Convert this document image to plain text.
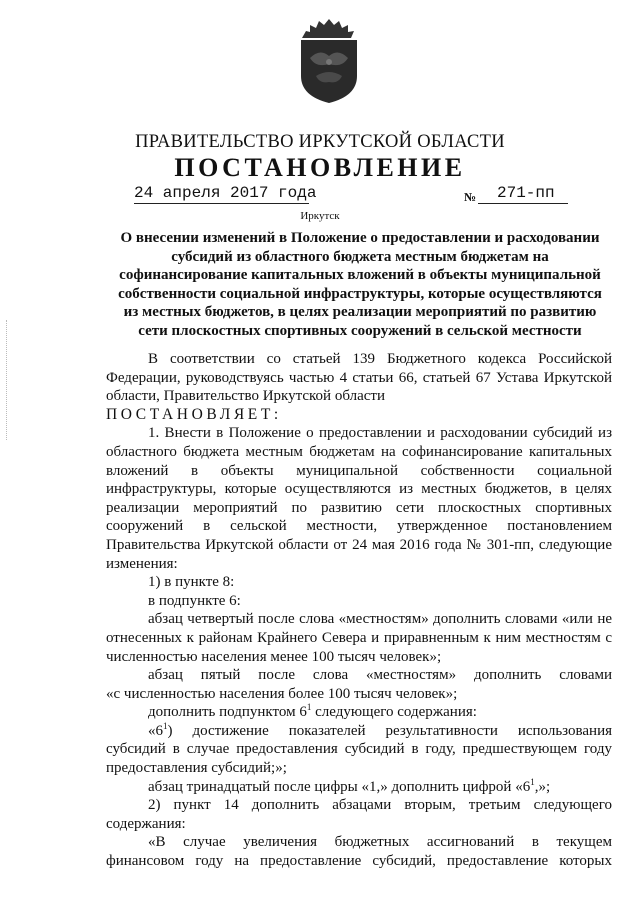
ПРАВИТЕЛЬСТВО ИРКУТСКОЙ ОБЛАСТИ
ПОСТАНОВЛЕНИЕ
24 апреля 2017 года	№ 271-пп
Иркутск
О внесении изменений в Положение о предоставлении и расходовании
субсидий из областного бюджета местным бюджетам на
софинансирование капитальных вложений в объекты муниципальной
собственности социальной инфраструктуры, которые осуществляются
из местных бюджетов, в целях реализации мероприятий по развитию
сети плоскостных спортивных сооружений в сельской местности
В соответствии со статьей 139 Бюджетного кодекса Российской
Федерации, руководствуясь частью 4 статьи 66, статьей 67 Устава Иркутской
области, Правительство Иркутской области
ПОСТАНОВЛЯЕТ:
1. Внести в Положение о предоставлении и расходовании субсидий из
областного бюджета местным бюджетам на софинансирование капитальных
вложений в объекты муниципальной собственности социальной
инфраструктуры, которые осуществляются из местных бюджетов, в целях
реализации мероприятий по развитию сети плоскостных спортивных
сооружений в сельской местности, утвержденное постановлением
Правительства Иркутской области от 24 мая 2016 года № 301-пп, следующие
изменения:
1) в пункте 8:
в подпункте 6:
абзац четвертый после слова «местностям» дополнить словами «или не
отнесенных к районам Крайнего Севера и приравненным к ним местностям с
численностью населения менее 100 тысяч человек»;
абзац пятый после слова «местностям» дополнить словами
«с численностью населения более 100 тысяч человек»;
дополнить подпунктом $6^1$ следующего содержания:
«$6^1$) достижение показателей результативности использования
субсидий в случае предоставления субсидий в году, предшествующем году
предоставления субсидий;»;
абзац тринадцатый после цифры «1,» дополнить цифрой «$6^1$,»;
2) пункт 14 дополнить абзацами вторым, третьим следующего
содержания:
«В случае увеличения бюджетных ассигнований в текущем
финансовом году на предоставление субсидий, предоставление которых
